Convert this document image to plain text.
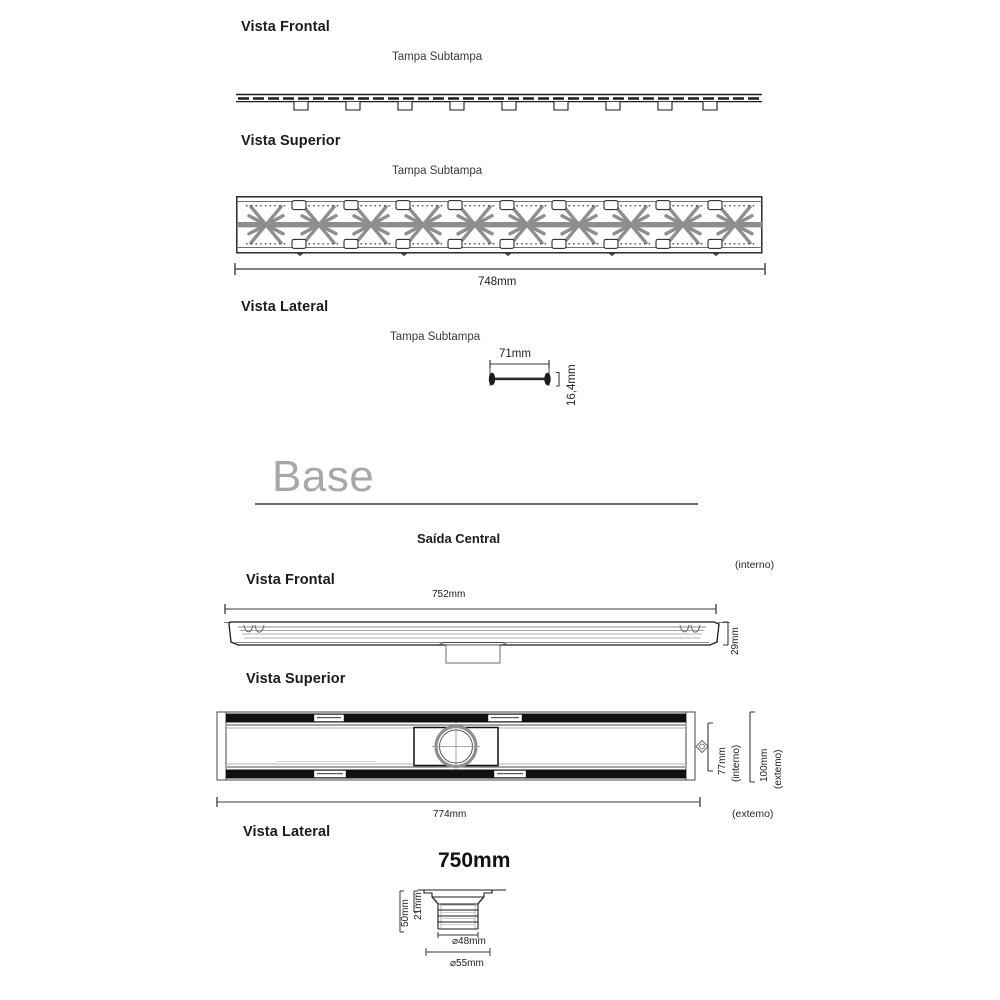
Vista Frontal
Tampa Subtampa
Vista Superior
Tampa Subtampa
748mm
Vista Lateral
Tampa Subtampa
71mm
16,4mm
Base
Saída Central
(interno)
Vista Frontal
752mm
29mm
Vista Superior
77mm (interno) 100mm (extemo)
774mm	(extemo)
Vista Lateral
750mm
50mm 21mm
⌀48mm
⌀55mm
